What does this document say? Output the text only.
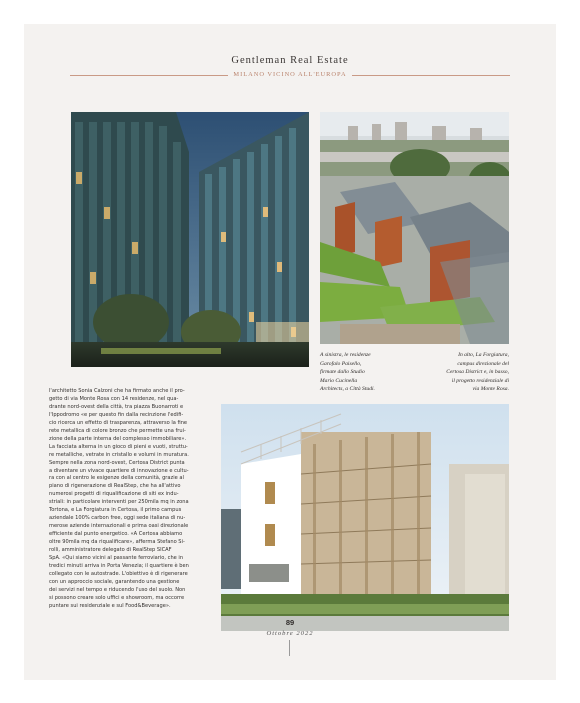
Gentleman Real Estate
MILANO VICINO ALL'EUROPA
A sinistra, le residenze
Garofalo Paisello,
firmate dallo Studio
Mario Cucinella
Architects, a Città Studi.
In alto, La Forgiatura,
campus direzionale del
Certosa District e, in basso,
il progetto residenziale di
via Monte Rosa.
l'architetto Sonia Calzoni che ha firmato anche il pro-
getto di via Monte Rosa con 14 residenze, nel qua-
drante nord-ovest della città, tra piazza Buonarroti e
l'Ippodromo «e per questo fin dalla recinzione l'edifi-
cio ricerca un effetto di trasparenza, attraverso la fine
rete metallica di colore bronzo che permette una frui-
zione della parte interna del complesso immobiliare».
La facciata alterna in un gioco di pieni e vuoti, struttu-
re metalliche, vetrate in cristallo e volumi in muratura.
Sempre nella zona nord-ovest, Certosa District punta
a diventare un vivace quartiere di innovazione e cultu-
ra con al centro le esigenze della comunità, grazie al
piano di rigenerazione di RealStep, che ha all'attivo
numerosi progetti di riqualificazione di siti ex indu-
striali: in particolare interventi per 250mila mq in zona
Tortona, e La Forgiatura in Certosa, il primo campus
aziendale 100% carbon free, oggi sede italiana di nu-
merose aziende internazionali e prima oasi direzionale
efficiente dal punto energetico. «A Certosa abbiamo
oltre 90mila mq da riqualificare», afferma Stefano Si-
rolli, amministratore delegato di RealStep SICAF
SpA. «Qui siamo vicini al passante ferroviario, che in
tredici minuti arriva in Porta Venezia; il quartiere è ben
collegato con le autostrade. L'obiettivo è di rigenerare
con un approccio sociale, garantendo una gestione
dei servizi nel tempo e riducendo l'uso del suolo. Non
si possono creare solo uffici e showroom, ma occorre
puntare sui residenziale e sul Food&Beverage».
89
Ottobre 2022
